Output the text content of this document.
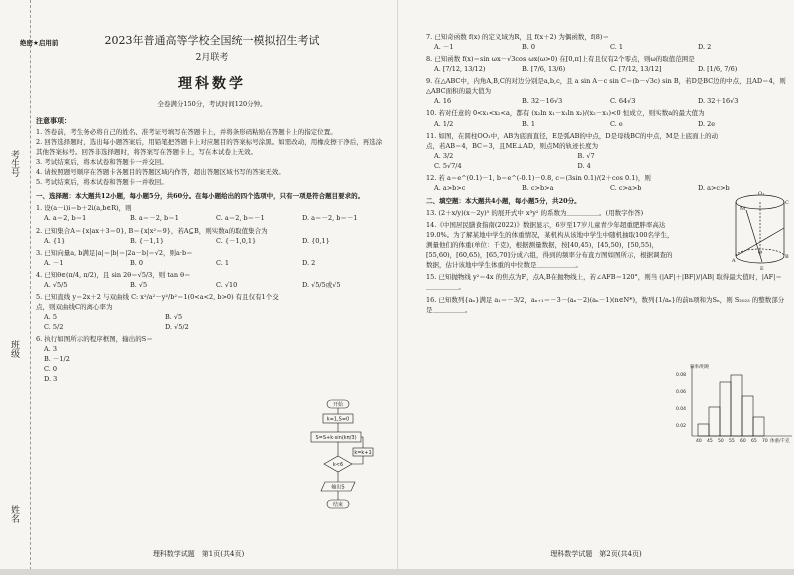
考生号
班级
姓名
绝密★启用前	2023年普通高等学校全国统一模拟招生考试
2月联考
理科数学
全卷满分150分，考试时间120分钟。
注意事项：
1. 答卷前，考生务必将自己的姓名、准考证号填写在答题卡上，并将条形码粘贴在答题卡上的指定位置。
2. 回答选择题时，选出每小题答案后，用铅笔把答题卡上对应题目的答案标号涂黑。如需改动，用橡皮擦干净后，再选涂其他答案标号。回答非选择题时，将答案写在答题卡上，写在本试卷上无效。
3. 考试结束后，将本试卷和答题卡一并交回。
4. 请按照题号顺序在答题卡各题目的答题区域内作答，超出答题区域书写的答案无效。
5. 考试结束后，将本试卷和答题卡一并收回。
一、选择题：本大题共12小题，每小题5分，共60分。在每小题给出的四个选项中，只有一项是符合题目要求的。
1. 设(a－i)i＝b＋2i(a,b∈R)，则
A. a＝2, b＝1	B. a＝－2, b＝1	C. a＝2, b＝－1	D. a＝－2, b＝－1
2. 已知集合A＝{x|ax＋3＝0}, B＝{x|x²＝9}，若A⊆B，则实数a的取值集合为
A. {1}	B. {－1,1}	C. {－1,0,1}	D. {0,1}
3. 已知向量a, b满足|a|＝|b|＝|2a－b|＝√2，则a·b＝
A. －1	B. 0	C. 1	D. 2
4. 已知θ∈(π/4, π/2)，且 sin 2θ＝√5/3，则 tan θ＝
A. √5/5	B. √5	C. √10	D. √5/5或√5
5. 已知直线 y＝2x＋2 与双曲线 C: x²/a²－y²/b²＝1(0<a<2, b>0) 有且仅有1个交点，则双曲线C的离心率为
A. 5	B. √5
C. 5/2	D. √5/2
6. 执行如图所示的程序框图，输出的S＝
A. 3
B. －1/2
C. 0
D. 3
开始
k=1,S=0
S=S+k·sin(kπ/3)
k=k+1
k<6
输出S
结束
理科数学试题　第1页(共4页)
7. 已知奇函数 f(x) 的定义域为R，且 f(x＋2) 为偶函数，f(8)＝
A. －1	B. 0	C. 1	D. 2
8. 已知函数 f(x)＝sin ωx－√3cos ωx(ω>0) 在[0,π]上有且仅有2个零点，则ω的取值范围是
A. [7/12, 13/12)	B. [7/6, 13/6)	C. [7/12, 13/12]	D. [1/6, 7/6)
9. 在△ABC中，内角A,B,C的对边分别是a,b,c，且 a sin A－c sin C＝(b－√3c) sin B，若D是BC边的中点，且AD＝4，则△ABC面积的最大值为
A. 16	B. 32－16√3	C. 64√3	D. 32＋16√3
10. 若对任意的 0<x₁<x₂<a，都有 (x₂ln x₁－x₁ln x₂)/(x₂－x₁)<0 恒成立，则实数a的最大值为
A. 1/2	B. 1	C. e	D. 2e
11. 如图，在圆柱OO₁中，AB为底面直径，E是弧AB的中点，D是母线BC的中点，M是上底面上的动点，若AB＝4，BC＝3，且ME⊥AD，则点M的轨迹长度为
A. 3/2	B. √7
C. 5√7/4	D. 4
12. 若 a＝e^(0.1)－1, b＝e^(-0.1)－0.8, c＝(3sin 0.1)/(2＋cos 0.1)，则
A. a>b>c	B. c>b>a	C. c>a>b	D. a>c>b
二、填空题：本大题共4小题，每小题5分，共20分。
13. (2＋x/y)(x－2y)⁵ 的展开式中 x³y² 的系数为＿＿＿＿＿。(用数字作答)
14.《中国居民膳食指南(2022)》数据显示，6岁至17岁儿童青少年超重肥胖率高达19.0%。为了解某地中学生的体重情况，某机构从该地中学生中随机抽取100名学生，测量他们的体重(单位：千克)，根据测量数据，按[40,45)，[45,50)，[50,55)，[55,60)，[60,65)，[65,70]分成六组，得到的频率分布直方图如图所示，根据调查的数据，估计该地中学生体重的中位数是＿＿＿＿＿＿。
15. 已知抛物线 y²＝4x 的焦点为F，点A,B在抛物线上，若∠AFB＝120°，则当 (|AF|＋|BF|)/|AB| 取得最大值时，|AF|＝＿＿＿＿＿。
16. 已知数列{aₙ}满足 a₁＝－3/2，aₙ₊₁＝－3－(aₙ－2)(aₙ－1)(n∈N*)，数列{1/aₙ}的前n项和为Sₙ，则 S₂₀₂₃ 的整数部分是＿＿＿＿＿。
O₁
M
C
A
B
O
E
频率/组距
0.08
0.06
0.04
0.02
40 45 50 55 60 65 70 体重/千克
理科数学试题　第2页(共4页)
